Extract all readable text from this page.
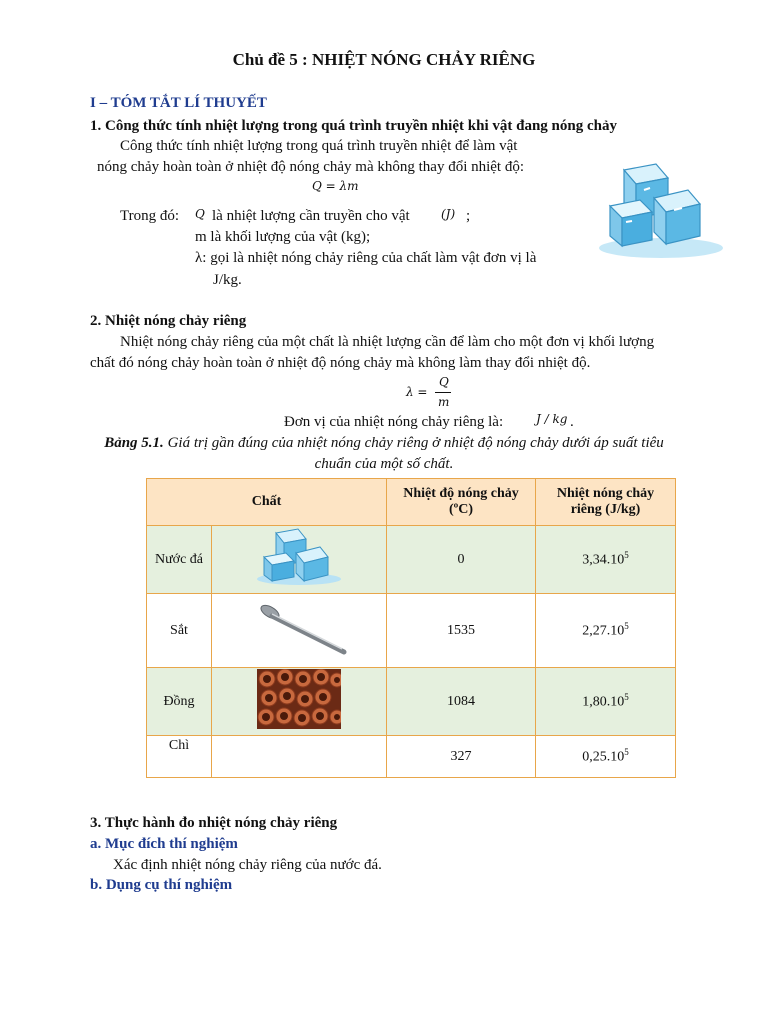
Chủ đề 5 : NHIỆT NÓNG CHẢY RIÊNG
I – TÓM TẮT LÍ THUYẾT
1. Công thức tính nhiệt lượng trong quá trình truyền nhiệt khi vật đang nóng chảy
Công thức tính nhiệt lượng trong quá trình truyền nhiệt để làm vật
nóng chảy hoàn toàn ở nhiệt độ nóng chảy mà không thay đổi nhiệt độ:
Q = λm
Trong đó: Q là nhiệt lượng cần truyền cho vật	(J) ;
m là khối lượng của vật (kg);
λ: gọi là nhiệt nóng chảy riêng của chất làm vật đơn vị là
J/kg.
2. Nhiệt nóng chảy riêng
Nhiệt nóng chảy riêng của một chất là nhiệt lượng cần để làm cho một đơn vị khối lượng
chất đó nóng chảy hoàn toàn ở nhiệt độ nóng chảy mà không làm thay đổi nhiệt độ.
λ =
Q
m
Đơn vị của nhiệt nóng chảy riêng là:	J / kg .
Bảng 5.1. Giá trị gần đúng của nhiệt nóng chảy riêng ở nhiệt độ nóng chảy dưới áp suất tiêu
chuẩn của một số chất.
Chất		Nhiệt độ nóng chảy (ºC)	Nhiệt nóng chảy riêng (J/kg)
Nước đá		0	3,34.10$^5$
Sắt		1535	2,27.10$^5$
Đồng		1084	1,80.10$^5$
Chì		327	0,25.10$^5$
3. Thực hành đo nhiệt nóng chảy riêng
a. Mục đích thí nghiệm
Xác định nhiệt nóng chảy riêng của nước đá.
b. Dụng cụ thí nghiệm
